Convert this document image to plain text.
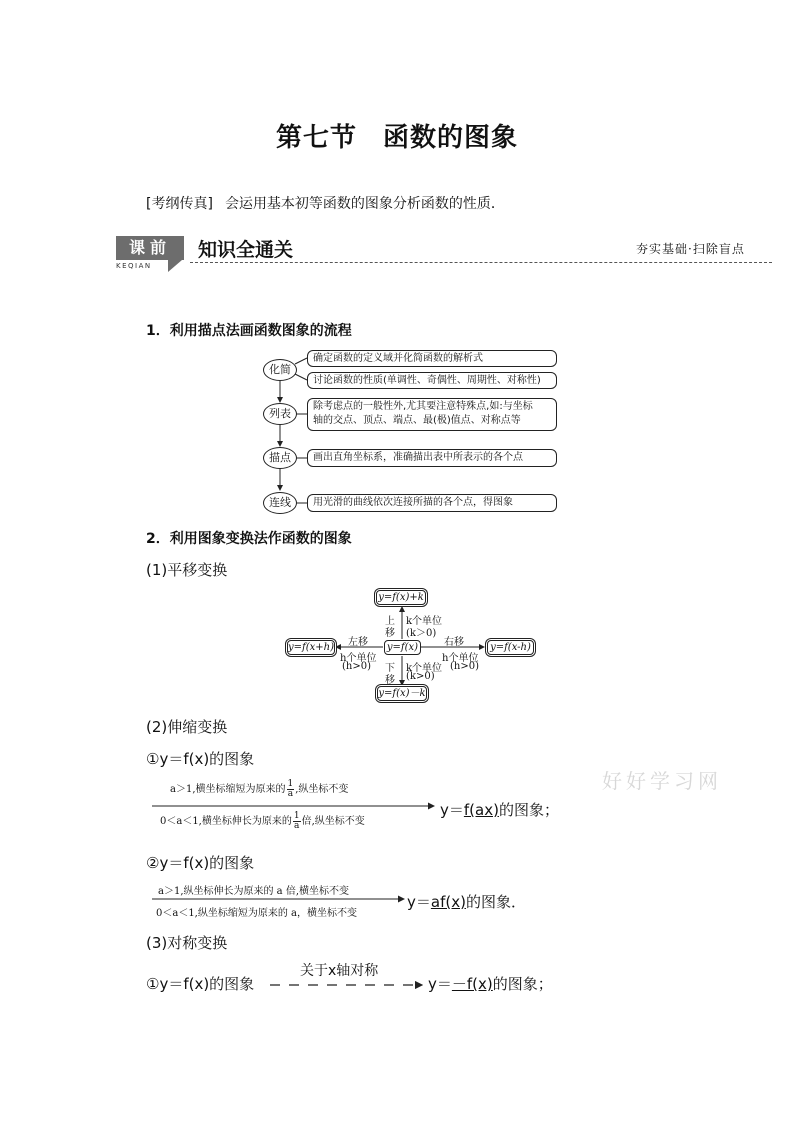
第七节 函数的图象
[考纲传真] 会运用基本初等函数的图象分析函数的性质．
课前
KEQIAN
知识全通关	夯实基础·扫除盲点
1．利用描点法画函数图象的流程
化简
确定函数的定义域并化简函数的解析式
讨论函数的性质(单调性、奇偶性、周期性、对称性)
列表
除考虑点的一般性外,尤其要注意特殊点,如:与坐标
轴的交点、顶点、端点、最(极)值点、对称点等
描点	画出直角坐标系，准确描出表中所表示的各个点
连线	用光滑的曲线依次连接所描的各个点，得图象
2．利用图象变换法作函数的图象
(1)平移变换
y=f(x)+k
y=f(x)
y=f(x+h)	y=f(x-h)
y=f(x)－k
上
移
k个单位
(k＞0)
下
移
k个单位
(k>0)
左移
h个单位
(h>0)
右移
h个单位
(h>0)
(2)伸缩变换
①y＝f(x)的图象
a＞1,横坐标缩短为原来的 $\frac{1}{a}$ ,纵坐标不变
0＜a＜1,横坐标伸长为原来的 $\frac{1}{a}$ 倍,纵坐标不变
y＝f(ax)的图象；
②y＝f(x)的图象
a＞1,纵坐标伸长为原来的 a 倍,横坐标不变
0＜a＜1,纵坐标缩短为原来的 a，横坐标不变
y＝af(x)的图象．
(3)对称变换
①y＝f(x)的图象
关于x轴对称
y＝－f(x)的图象；
好好学习网
